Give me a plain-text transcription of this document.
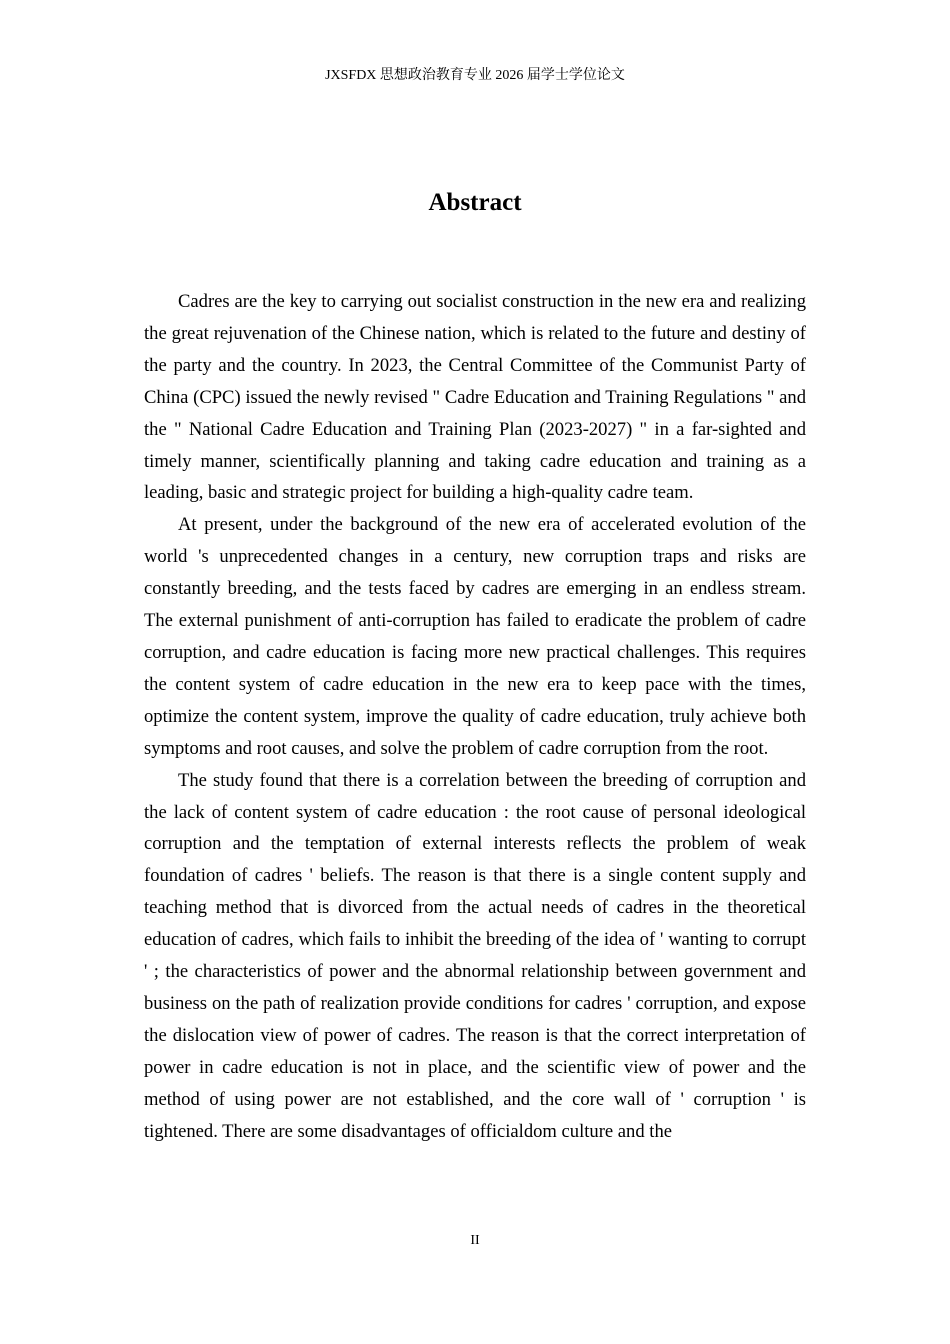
JXSFDX 思想政治教育专业 2026 届学士学位论文
Abstract

Cadres are the key to carrying out socialist construction in the new era and realizing the great rejuvenation of the Chinese nation, which is related to the future and destiny of the party and the country. In 2023, the Central Committee of the Communist Party of China (CPC) issued the newly revised " Cadre Education and Training Regulations " and the " National Cadre Education and Training Plan (2023-2027) " in a far-sighted and timely manner, scientifically planning and taking cadre education and training as a leading, basic and strategic project for building a high-quality cadre team.

At present, under the background of the new era of accelerated evolution of the world 's unprecedented changes in a century, new corruption traps and risks are constantly breeding, and the tests faced by cadres are emerging in an endless stream. The external punishment of anti-corruption has failed to eradicate the problem of cadre corruption, and cadre education is facing more new practical challenges. This requires the content system of cadre education in the new era to keep pace with the times, optimize the content system, improve the quality of cadre education, truly achieve both symptoms and root causes, and solve the problem of cadre corruption from the root.

The study found that there is a correlation between the breeding of corruption and the lack of content system of cadre education : the root cause of personal ideological corruption and the temptation of external interests reflects the problem of weak foundation of cadres ' beliefs. The reason is that there is a single content supply and teaching method that is divorced from the actual needs of cadres in the theoretical education of cadres, which fails to inhibit the breeding of the idea of ' wanting to corrupt ' ; the characteristics of power and the abnormal relationship between government and business on the path of realization provide conditions for cadres ' corruption, and expose the dislocation view of power of cadres. The reason is that the correct interpretation of power in cadre education is not in place, and the scientific view of power and the method of using power are not established, and the core wall of ' corruption ' is tightened. There are some disadvantages of officialdom culture and the

II
